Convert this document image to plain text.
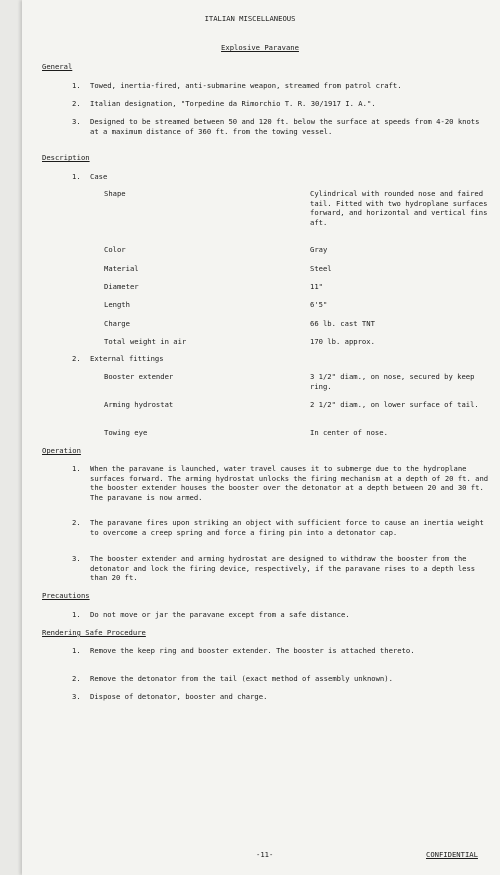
ITALIAN MISCELLANEOUS
Explosive Paravane
General
1. Towed, inertia-fired, anti-submarine weapon, streamed from patrol craft.
2. Italian designation, "Torpedine da Rimorchio T. R. 30/1917 I. A.".
3. Designed to be streamed between 50 and 120 ft. below the surface at speeds from 4-20 knots at a maximum distance of 360 ft. from the towing vessel.
Description
1. Case
Shape	Cylindrical with rounded nose and faired tail. Fitted with two hydroplane surfaces forward, and horizontal and vertical fins aft.
Color	Gray
Material	Steel
Diameter	11"
Length	6'5"
Charge	66 lb. cast TNT
Total weight in air	170 lb. approx.
2. External fittings
Booster extender	3 1/2" diam., on nose, secured by keep ring.
Arming hydrostat	2 1/2" diam., on lower surface of tail.
Towing eye	In center of nose.
Operation
1. When the paravane is launched, water travel causes it to submerge due to the hydroplane surfaces forward. The arming hydrostat unlocks the firing mechanism at a depth of 20 ft. and the booster extender houses the booster over the detonator at a depth between 20 and 30 ft. The paravane is now armed.
2. The paravane fires upon striking an object with sufficient force to cause an inertia weight to overcome a creep spring and force a firing pin into a detonator cap.
3. The booster extender and arming hydrostat are designed to withdraw the booster from the detonator and lock the firing device, respectively, if the paravane rises to a depth less than 20 ft.
Precautions
1. Do not move or jar the paravane except from a safe distance.
Rendering Safe Procedure
1. Remove the keep ring and booster extender. The booster is attached thereto.
2. Remove the detonator from the tail (exact method of assembly unknown).
3. Dispose of detonator, booster and charge.
-11-	CONFIDENTIAL
